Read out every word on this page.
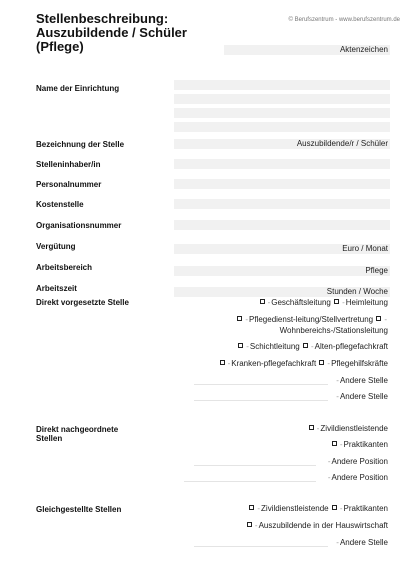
Stellenbeschreibung:
Auszubildende / Schüler
(Pflege)
© Berufszentrum - www.berufszentrum.de
Aktenzeichen
Name der Einrichtung
Bezeichnung der Stelle	Auszubildende/r / Schüler
Stelleninhaber/in
Personalnummer
Kostenstelle
Organisationsnummer
Vergütung	Euro / Monat
Arbeitsbereich	Pflege
Arbeitszeit	Stunden / Woche
Direkt vorgesetzte Stelle	-Geschäftsleitung -Heimleitung
-Pflegedienst-leitung/Stellvertretung -
Wohnbereichs-/Stationsleitung
-Schichtleitung -Alten-pflegefachkraft
-Kranken-pflegefachkraft -Pflegehilfskräfte
-Andere Stelle
-Andere Stelle
Direkt nachgeordnete
Stellen
-Zivildienstleistende
-Praktikanten
-Andere Position
-Andere Position
Gleichgestellte Stellen	-Zivildienstleistende -Praktikanten
-Auszubildende in der Hauswirtschaft
-Andere Stelle
